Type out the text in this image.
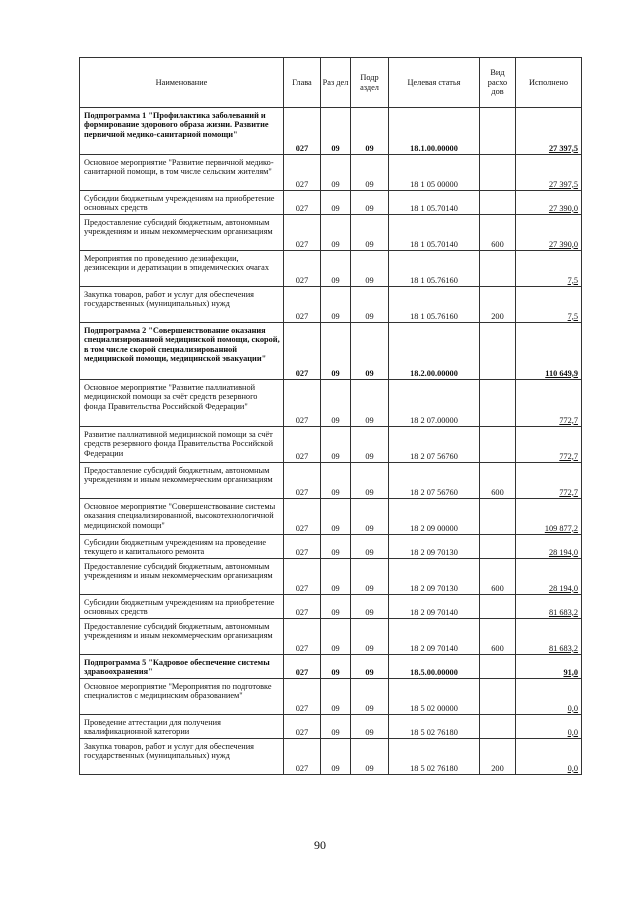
Наименование	Глава	Раз дел	Подр аздел	Целевая статья	Вид расхо дов	Исполнено
Подпрограмма 1 "Профилактика заболеваний и формирование здорового образа жизни. Развитие первичной медико-санитарной помощи"	027	09	09	18.1.00.00000		27 397,5
Основное мероприятие "Развитие первичной медико-санитарной помощи, в том числе сельским жителям"	027	09	09	18 1 05 00000		27 397,5
Субсидии бюджетным учреждениям на приобретение основных средств	027	09	09	18 1 05.70140		27 390,0
Предоставление субсидий бюджетным, автономным учреждениям и иным некоммерческим организациям	027	09	09	18 1 05.70140	600	27 390,0
Мероприятия по проведению дезинфекции, дезинсекции и дератизации в эпидемических очагах	027	09	09	18 1 05.76160		7,5
Закупка товаров, работ и услуг для обеспечения государственных (муниципальных) нужд	027	09	09	18 1 05.76160	200	7,5
Подпрограмма 2 "Совершенствование оказания специализированной медицинской помощи, скорой, в том числе скорой специализированной медицинской помощи, медицинской эвакуации"	027	09	09	18.2.00.00000		110 649,9
Основное мероприятие "Развитие паллиативной медицинской помощи за счёт средств резервного фонда Правительства Российской Федерации"	027	09	09	18 2 07.00000		772,7
Развитие паллиативной медицинской помощи за счёт средств резервного фонда Правительства Российской Федерации	027	09	09	18 2 07 56760		772,7
Предоставление субсидий бюджетным, автономным учреждениям и иным некоммерческим организациям	027	09	09	18 2 07 56760	600	772,7
Основное мероприятие "Совершенствование системы оказания специализированной, высокотехнологичной медицинской помощи"	027	09	09	18 2 09 00000		109 877,2
Субсидии бюджетным учреждениям на проведение текущего и капитального ремонта	027	09	09	18 2 09 70130		28 194,0
Предоставление субсидий бюджетным, автономным учреждениям и иным некоммерческим организациям	027	09	09	18 2 09 70130	600	28 194,0
Субсидии бюджетным учреждениям на приобретение основных средств	027	09	09	18 2 09 70140		81 683,2
Предоставление субсидий бюджетным, автономным учреждениям и иным некоммерческим организациям	027	09	09	18 2 09 70140	600	81 683,2
Подпрограмма 5 "Кадровое обеспечение системы здравоохранения"	027	09	09	18.5.00.00000		91,0
Основное мероприятие "Мероприятия по подготовке специалистов с медицинским образованием"	027	09	09	18 5 02 00000		0,0
Проведение аттестации для получения квалификационной категории	027	09	09	18 5 02 76180		0,0
Закупка товаров, работ и услуг для обеспечения государственных (муниципальных) нужд	027	09	09	18 5 02 76180	200	0,0
90
